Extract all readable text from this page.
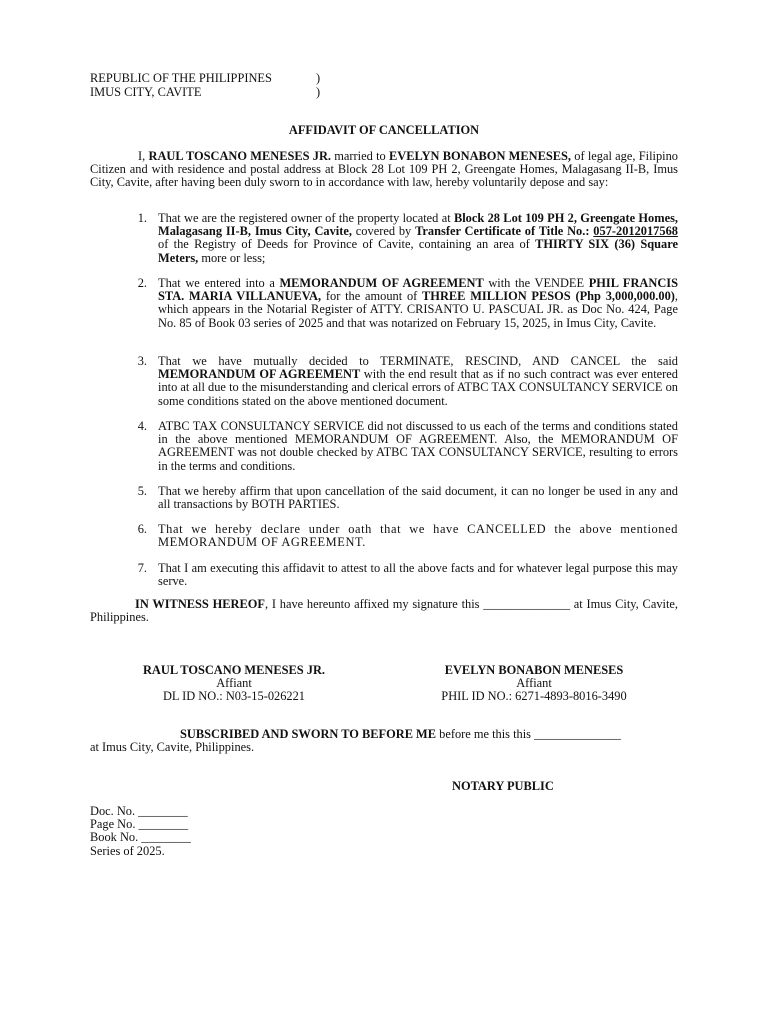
REPUBLIC OF THE PHILIPPINES	)
IMUS CITY, CAVITE	)
AFFIDAVIT OF CANCELLATION
I, RAUL TOSCANO MENESES JR. married to EVELYN BONABON MENESES, of legal age, Filipino Citizen and with residence and postal address at Block 28 Lot 109 PH 2, Greengate Homes, Malagasang II-B, Imus City, Cavite, after having been duly sworn to in accordance with law, hereby voluntarily depose and say:
1. That we are the registered owner of the property located at Block 28 Lot 109 PH 2, Greengate Homes, Malagasang II-B, Imus City, Cavite, covered by Transfer Certificate of Title No.: 057-2012017568 of the Registry of Deeds for Province of Cavite, containing an area of THIRTY SIX (36) Square Meters, more or less;
2. That we entered into a MEMORANDUM OF AGREEMENT with the VENDEE PHIL FRANCIS STA. MARIA VILLANUEVA, for the amount of THREE MILLION PESOS (Php 3,000,000.00), which appears in the Notarial Register of ATTY. CRISANTO U. PASCUAL JR. as Doc No. 424, Page No. 85 of Book 03 series of 2025 and that was notarized on February 15, 2025, in Imus City, Cavite.
3. That we have mutually decided to TERMINATE, RESCIND, AND CANCEL the said MEMORANDUM OF AGREEMENT with the end result that as if no such contract was ever entered into at all due to the misunderstanding and clerical errors of ATBC TAX CONSULTANCY SERVICE on some conditions stated on the above mentioned document.
4. ATBC TAX CONSULTANCY SERVICE did not discussed to us each of the terms and conditions stated in the above mentioned MEMORANDUM OF AGREEMENT. Also, the MEMORANDUM OF AGREEMENT was not double checked by ATBC TAX CONSULTANCY SERVICE, resulting to errors in the terms and conditions.
5. That we hereby affirm that upon cancellation of the said document, it can no longer be used in any and all transactions by BOTH PARTIES.
6. That we hereby declare under oath that we have CANCELLED the above mentioned MEMORANDUM OF AGREEMENT.
7. That I am executing this affidavit to attest to all the above facts and for whatever legal purpose this may serve.
IN WITNESS HEREOF, I have hereunto affixed my signature this ______________ at Imus City, Cavite, Philippines.
RAUL TOSCANO MENESES JR.
Affiant
DL ID NO.: N03-15-026221
EVELYN BONABON MENESES
Affiant
PHIL ID NO.: 6271-4893-8016-3490
SUBSCRIBED AND SWORN TO BEFORE ME before me this this ______________
at Imus City, Cavite, Philippines.
NOTARY PUBLIC
Doc. No. ________
Page No. ________
Book No. ________
Series of 2025.
